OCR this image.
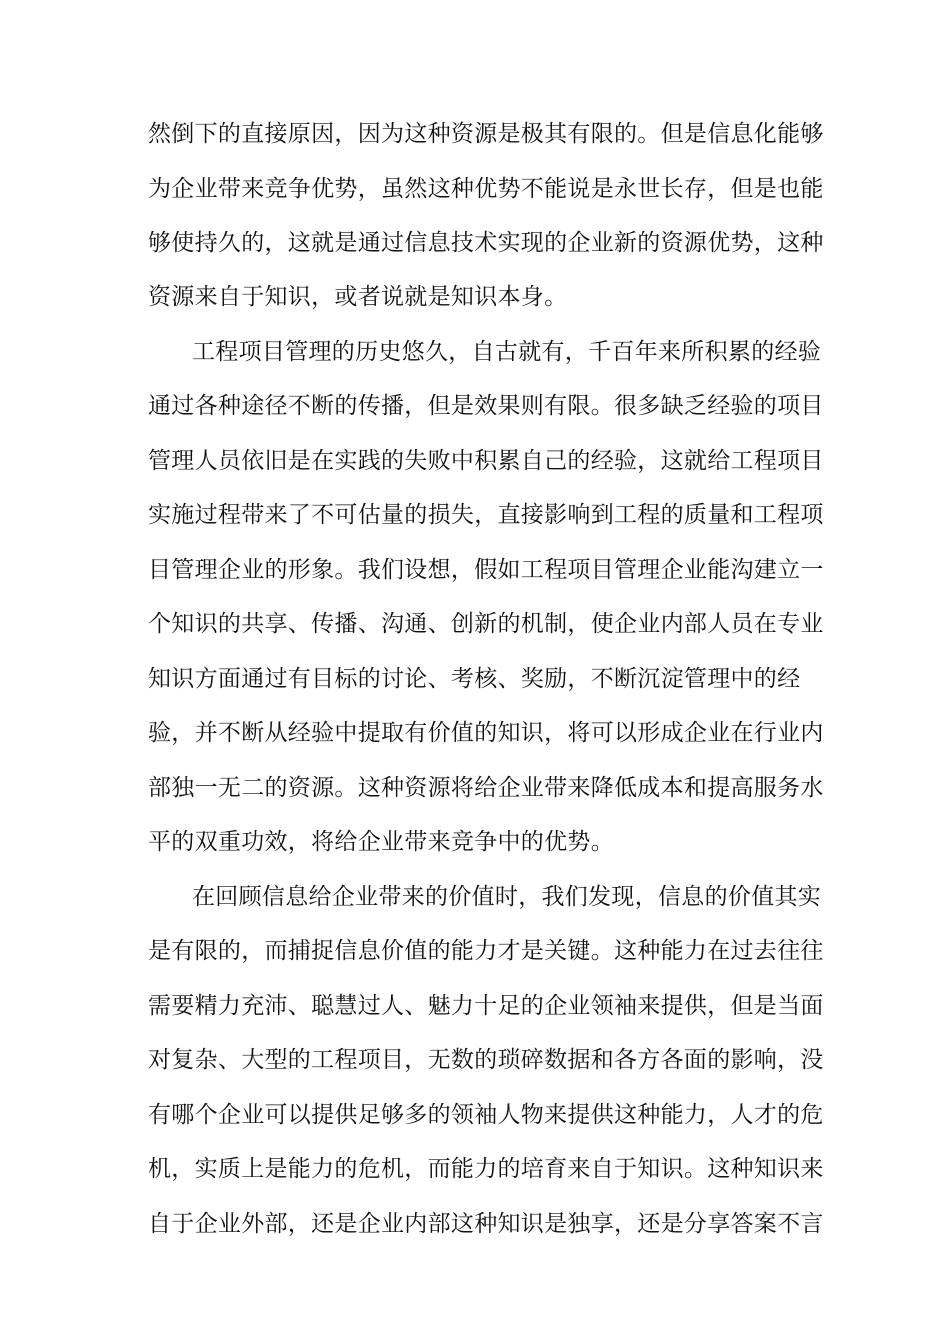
然倒下的直接原因，因为这种资源是极其有限的。但是信息化能够
为企业带来竞争优势，虽然这种优势不能说是永世长存，但是也能
够使持久的，这就是通过信息技术实现的企业新的资源优势，这种
资源来自于知识，或者说就是知识本身。
工程项目管理的历史悠久，自古就有，千百年来所积累的经验
通过各种途径不断的传播，但是效果则有限。很多缺乏经验的项目
管理人员依旧是在实践的失败中积累自己的经验，这就给工程项目
实施过程带来了不可估量的损失，直接影响到工程的质量和工程项
目管理企业的形象。我们设想，假如工程项目管理企业能沟建立一
个知识的共享、传播、沟通、创新的机制，使企业内部人员在专业
知识方面通过有目标的讨论、考核、奖励，不断沉淀管理中的经
验，并不断从经验中提取有价值的知识，将可以形成企业在行业内
部独一无二的资源。这种资源将给企业带来降低成本和提高服务水
平的双重功效，将给企业带来竞争中的优势。
在回顾信息给企业带来的价值时，我们发现，信息的价值其实
是有限的，而捕捉信息价值的能力才是关键。这种能力在过去往往
需要精力充沛、聪慧过人、魅力十足的企业领袖来提供，但是当面
对复杂、大型的工程项目，无数的琐碎数据和各方各面的影响，没
有哪个企业可以提供足够多的领袖人物来提供这种能力，人才的危
机，实质上是能力的危机，而能力的培育来自于知识。这种知识来
自于企业外部，还是企业内部这种知识是独享，还是分享答案不言
